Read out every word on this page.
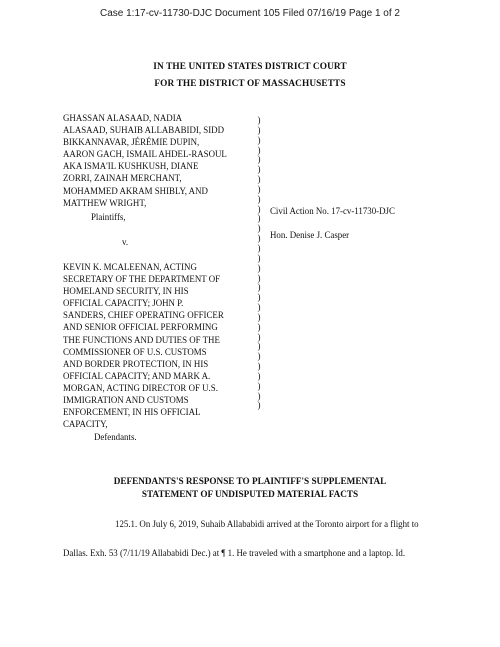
Case 1:17-cv-11730-DJC Document 105 Filed 07/16/19 Page 1 of 2
IN THE UNITED STATES DISTRICT COURT
FOR THE DISTRICT OF MASSACHUSETTS
GHASSAN ALASAAD, NADIA
ALASAAD, SUHAIB ALLABABIDI, SIDD
BIKKANNAVAR, JÉRÉMIE DUPIN,
AARON GACH, ISMAIL AHDEL-RASOUL
AKA ISMA'IL KUSHKUSH, DIANE
ZORRI, ZAINAH MERCHANT,
MOHAMMED AKRAM SHIBLY, AND
MATTHEW WRIGHT,
Plaintiffs,
v.
KEVIN K. MCALEENAN, ACTING
SECRETARY OF THE DEPARTMENT OF
HOMELAND SECURITY, IN HIS
OFFICIAL CAPACITY; JOHN P.
SANDERS, CHIEF OPERATING OFFICER
AND SENIOR OFFICIAL PERFORMING
THE FUNCTIONS AND DUTIES OF THE
COMMISSIONER OF U.S. CUSTOMS
AND BORDER PROTECTION, IN HIS
OFFICIAL CAPACITY; AND MARK A.
MORGAN, ACTING DIRECTOR OF U.S.
IMMIGRATION AND CUSTOMS
ENFORCEMENT, IN HIS OFFICIAL
CAPACITY,
Defendants.
)
)
)
)
)
)
)
)
)
)
)
)
)
)
)
)
)
)
)
)
)
)
)
)
)
)
)
)
)
)
Civil Action No. 17-cv-11730-DJC
Hon. Denise J. Casper
DEFENDANTS'S RESPONSE TO PLAINTIFF'S SUPPLEMENTAL
STATEMENT OF UNDISPUTED MATERIAL FACTS
125.1. On July 6, 2019, Suhaib Allababidi arrived at the Toronto airport for a flight to
Dallas. Exh. 53 (7/11/19 Allababidi Dec.) at ¶ 1. He traveled with a smartphone and a laptop. Id.
